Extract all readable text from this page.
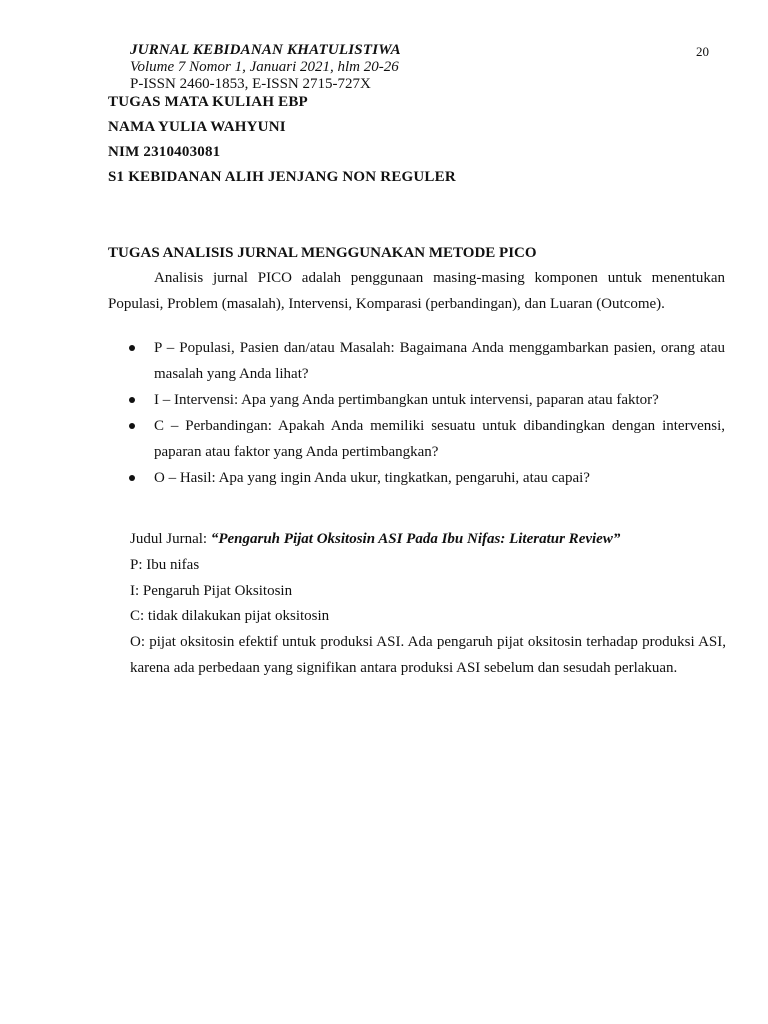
JURNAL KEBIDANAN KHATULISTIWA
Volume 7 Nomor 1, Januari 2021, hlm 20-26
P-ISSN 2460-1853, E-ISSN 2715-727X
20
TUGAS MATA KULIAH EBP
NAMA YULIA WAHYUNI
NIM 2310403081
S1 KEBIDANAN ALIH JENJANG NON REGULER
TUGAS ANALISIS JURNAL MENGGUNAKAN METODE PICO
Analisis jurnal PICO adalah penggunaan masing-masing komponen untuk menentukan Populasi, Problem (masalah), Intervensi, Komparasi (perbandingan), dan Luaran (Outcome).
P – Populasi, Pasien dan/atau Masalah: Bagaimana Anda menggambarkan pasien, orang atau masalah yang Anda lihat?
I – Intervensi: Apa yang Anda pertimbangkan untuk intervensi, paparan atau faktor?
C – Perbandingan: Apakah Anda memiliki sesuatu untuk dibandingkan dengan intervensi, paparan atau faktor yang Anda pertimbangkan?
O – Hasil: Apa yang ingin Anda ukur, tingkatkan, pengaruhi, atau capai?
Judul Jurnal: “Pengaruh Pijat Oksitosin ASI Pada Ibu Nifas: Literatur Review”
P: Ibu nifas
I: Pengaruh Pijat Oksitosin
C: tidak dilakukan pijat oksitosin
O: pijat oksitosin efektif untuk produksi ASI. Ada pengaruh pijat oksitosin terhadap produksi ASI, karena ada perbedaan yang signifikan antara produksi ASI sebelum dan sesudah perlakuan.
